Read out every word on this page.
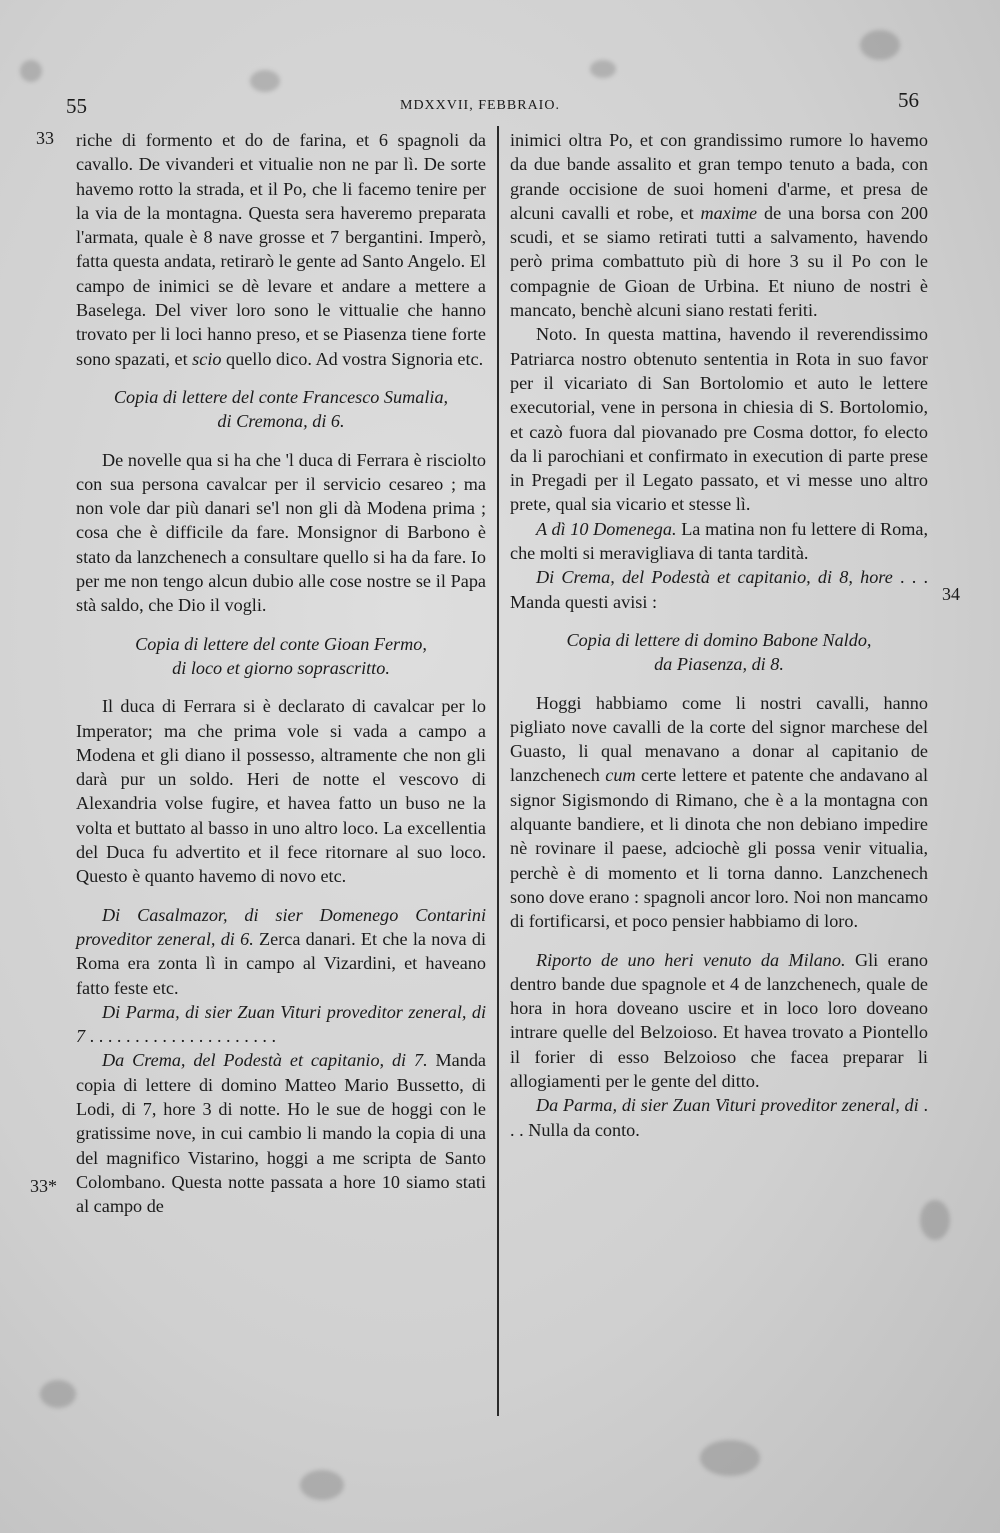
55	MDXXVII, FEBBRAIO.	56
33
33*
34

riche di formento et do de farina, et 6 spagnoli da cavallo. De vivanderi et vitualie non ne par lì. De sorte havemo rotto la strada, et il Po, che li facemo tenire per la via de la montagna. Questa sera haveremo preparata l'armata, quale è 8 nave grosse et 7 bergantini. Imperò, fatta questa andata, retirarò le gente ad Santo Angelo. El campo de inimici se dè levare et andare a mettere a Baselega. Del viver loro sono le vittualie che hanno trovato per li loci hanno preso, et se Piasenza tiene forte sono spazati, et scio quello dico. Ad vostra Signoria etc.

Copia di lettere del conte Francesco Sumalia,
di Cremona, di 6.

De novelle qua si ha che 'l duca di Ferrara è risciolto con sua persona cavalcar per il servicio cesareo ; ma non vole dar più danari se'l non gli dà Modena prima ; cosa che è difficile da fare. Monsignor di Barbono è stato da lanzchenech a consultare quello si ha da fare. Io per me non tengo alcun dubio alle cose nostre se il Papa stà saldo, che Dio il vogli.

Copia di lettere del conte Gioan Fermo,
di loco et giorno soprascritto.

Il duca di Ferrara si è declarato di cavalcar per lo Imperator; ma che prima vole si vada a campo a Modena et gli diano il possesso, altramente che non gli darà pur un soldo. Heri de notte el vescovo di Alexandria volse fugire, et havea fatto un buso ne la volta et buttato al basso in uno altro loco. La excellentia del Duca fu advertito et il fece ritornare al suo loco. Questo è quanto havemo di novo etc.

Di Casalmazor, di sier Domenego Contarini proveditor zeneral, di 6. Zerca danari. Et che la nova di Roma era zonta lì in campo al Vizardini, et haveano fatto feste etc.

Di Parma, di sier Zuan Vituri proveditor zeneral, di 7 . . . . . . . . . . . . . . . . . . . . .

Da Crema, del Podestà et capitanio, di 7. Manda copia di lettere di domino Matteo Mario Bussetto, di Lodi, di 7, hore 3 di notte. Ho le sue de hoggi con le gratissime nove, in cui cambio li mando la copia di una del magnifico Vistarino, hoggi a me scripta de Santo Colombano. Questa notte passata a hore 10 siamo stati al campo de

inimici oltra Po, et con grandissimo rumore lo havemo da due bande assalito et gran tempo tenuto a bada, con grande occisione de suoi homeni d'arme, et presa de alcuni cavalli et robe, et maxime de una borsa con 200 scudi, et se siamo retirati tutti a salvamento, havendo però prima combattuto più di hore 3 su il Po con le compagnie de Gioan de Urbina. Et niuno de nostri è mancato, benchè alcuni siano restati feriti.

Noto. In questa mattina, havendo il reverendissimo Patriarca nostro obtenuto sententia in Rota in suo favor per il vicariato di San Bortolomio et auto le lettere executorial, vene in persona in chiesia di S. Bortolomio, et cazò fuora dal piovanado pre Cosma dottor, fo electo da li parochiani et confirmato in execution di parte prese in Pregadi per il Legato passato, et vi messe uno altro prete, qual sia vicario et stesse lì.

A dì 10 Domenega. La matina non fu lettere di Roma, che molti si meravigliava di tanta tardità.

Di Crema, del Podestà et capitanio, di 8, hore . . . Manda questi avisi :

Copia di lettere di domino Babone Naldo,
da Piasenza, di 8.

Hoggi habbiamo come li nostri cavalli, hanno pigliato nove cavalli de la corte del signor marchese del Guasto, li qual menavano a donar al capitanio de lanzchenech cum certe lettere et patente che andavano al signor Sigismondo di Rimano, che è a la montagna con alquante bandiere, et li dinota che non debiano impedire nè rovinare il paese, adciochè gli possa venir vitualia, perchè è di momento et li torna danno. Lanzchenech sono dove erano : spagnoli ancor loro. Noi non mancamo di fortificarsi, et poco pensier habbiamo di loro.

Riporto de uno heri venuto da Milano. Gli erano dentro bande due spagnole et 4 de lanzchenech, quale de hora in hora doveano uscire et in loco loro doveano intrare quelle del Belzoioso. Et havea trovato a Piontello il forier di esso Belzoioso che facea preparar li allogiamenti per le gente del ditto.

Da Parma, di sier Zuan Vituri proveditor zeneral, di . . . Nulla da conto.
